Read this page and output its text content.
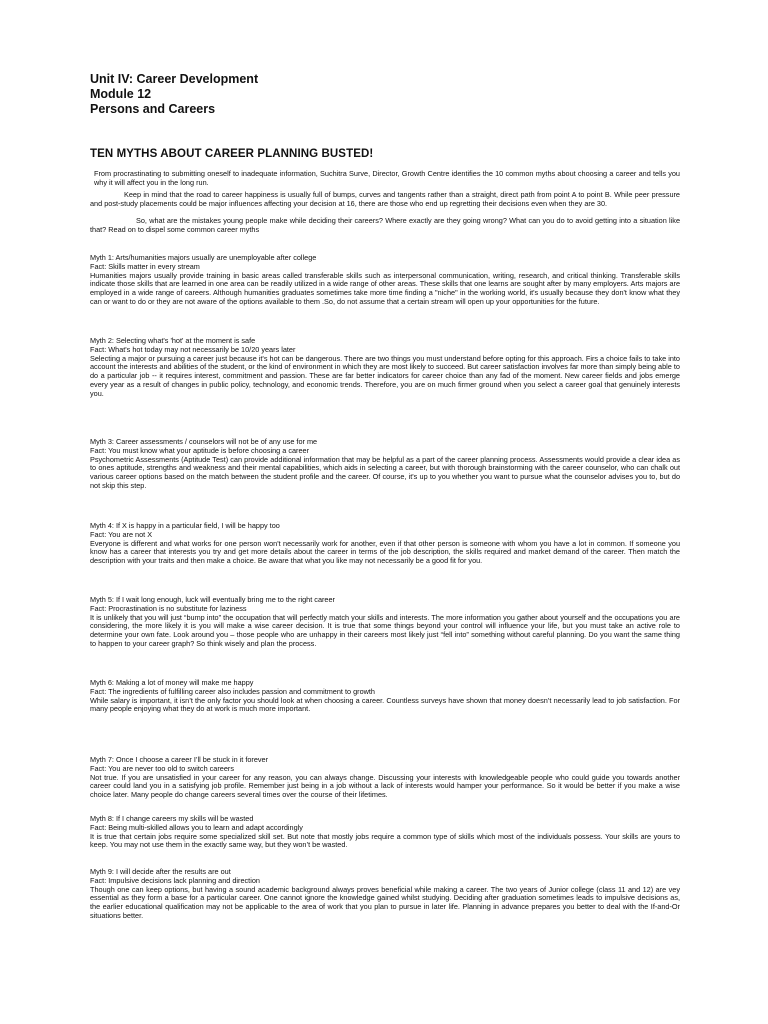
Unit IV: Career Development
Module 12
Persons and Careers
TEN MYTHS ABOUT CAREER PLANNING BUSTED!

From procrastinating to submitting oneself to inadequate information, Suchitra Surve, Director, Growth Centre identifies the 10 common myths about choosing a career and tells you why it will affect you in the long run.

Keep in mind that the road to career happiness is usually full of bumps, curves and tangents rather than a straight, direct path from point A to point B. While peer pressure and post-study placements could be major influences affecting your decision at 16, there are those who end up regretting their decisions even when they are 30.

So, what are the mistakes young people make while deciding their careers? Where exactly are they going wrong? What can you do to avoid getting into a situation like that? Read on to dispel some common career myths

Myth 1: Arts/humanities majors usually are unemployable after college
Fact: Skills matter in every stream
Humanities majors usually provide training in basic areas called transferable skills such as interpersonal communication, writing, research, and critical thinking. Transferable skills indicate those skills that are learned in one area can be readily utilized in a wide range of other areas. These skills that one learns are sought after by many employers. Arts majors are employed in a wide range of careers. Although humanities graduates sometimes take more time finding a "niche" in the working world, it's usually because they don't know what they can or want to do or they are not aware of the options available to them .So, do not assume that a certain stream will open up your opportunities for the future.
Myth 2: Selecting what's 'hot' at the moment is safe
Fact: What's hot today may not necessarily be 10/20 years later
Selecting a major or pursuing a career just because it's hot can be dangerous. There are two things you must understand before opting for this approach. Firs a choice fails to take into account the interests and abilities of the student, or the kind of environment in which they are most likely to succeed. But career satisfaction involves far more than simply being able to do a particular job -- it requires interest, commitment and passion. These are far better indicators for career choice than any fad of the moment. New career fields and jobs emerge every year as a result of changes in public policy, technology, and economic trends. Therefore, you are on much firmer ground when you select a career goal that genuinely interests you.
Myth 3: Career assessments / counselors will not be of any use for me
Fact: You must know what your aptitude is before choosing a career
Psychometric Assessments (Aptitude Test) can provide additional information that may be helpful as a part of the career planning process. Assessments would provide a clear idea as to ones aptitude, strengths and weakness and their mental capabilities, which aids in selecting a career, but with thorough brainstorming with the career counselor, who can chalk out various career options based on the match between the student profile and the career. Of course, it's up to you whether you want to pursue what the counselor advises you to, but do not skip this step.
Myth 4: If X is happy in a particular field, I will be happy too
Fact: You are not X
Everyone is different and what works for one person won't necessarily work for another, even if that other person is someone with whom you have a lot in common. If someone you know has a career that interests you try and get more details about the career in terms of the job description, the skills required and market demand of the career. Then match the description with your traits and then make a choice. Be aware that what you like may not necessarily be a good fit for you.
Myth 5: If I wait long enough, luck will eventually bring me to the right career
Fact: Procrastination is no substitute for laziness
It is unlikely that you will just “bump into” the occupation that will perfectly match your skills and interests. The more information you gather about yourself and the occupations you are considering, the more likely it is you will make a wise career decision. It is true that some things beyond your control will influence your life, but you must take an active role to determine your own fate. Look around you – those people who are unhappy in their careers most likely just “fell into” something without careful planning. Do you want the same thing to happen to your career graph? So think wisely and plan the process.
Myth 6: Making a lot of money will make me happy
Fact: The ingredients of fulfilling career also includes passion and commitment to growth
While salary is important, it isn’t the only factor you should look at when choosing a career. Countless surveys have shown that money doesn’t necessarily lead to job satisfaction. For many people enjoying what they do at work is much more important.
Myth 7: Once I choose a career I’ll be stuck in it forever
Fact: You are never too old to switch careers
Not true. If you are unsatisfied in your career for any reason, you can always change. Discussing your interests with knowledgeable people who could guide you towards another career could land you in a satisfying job profile. Remember just being in a job without a lack of interests would hamper your performance. So it would be better if you make a wise choice later. Many people do change careers several times over the course of their lifetimes.
Myth 8: If I change careers my skills will be wasted
Fact: Being multi-skilled allows you to learn and adapt accordingly
It is true that certain jobs require some specialized skill set. But note that mostly jobs require a common type of skills which most of the individuals possess. Your skills are yours to keep. You may not use them in the exactly same way, but they won’t be wasted.
Myth 9: I will decide after the results are out
Fact: Impulsive decisions lack planning and direction
Though one can keep options, but having a sound academic background always proves beneficial while making a career. The two years of Junior college (class 11 and 12) are vey essential as they form a base for a particular career. One cannot ignore the knowledge gained whilst studying. Deciding after graduation sometimes leads to impulsive decisions as, the earlier educational qualification may not be applicable to the area of work that you plan to pursue in later life. Planning in advance prepares you better to deal with the If-and-Or situations better.
